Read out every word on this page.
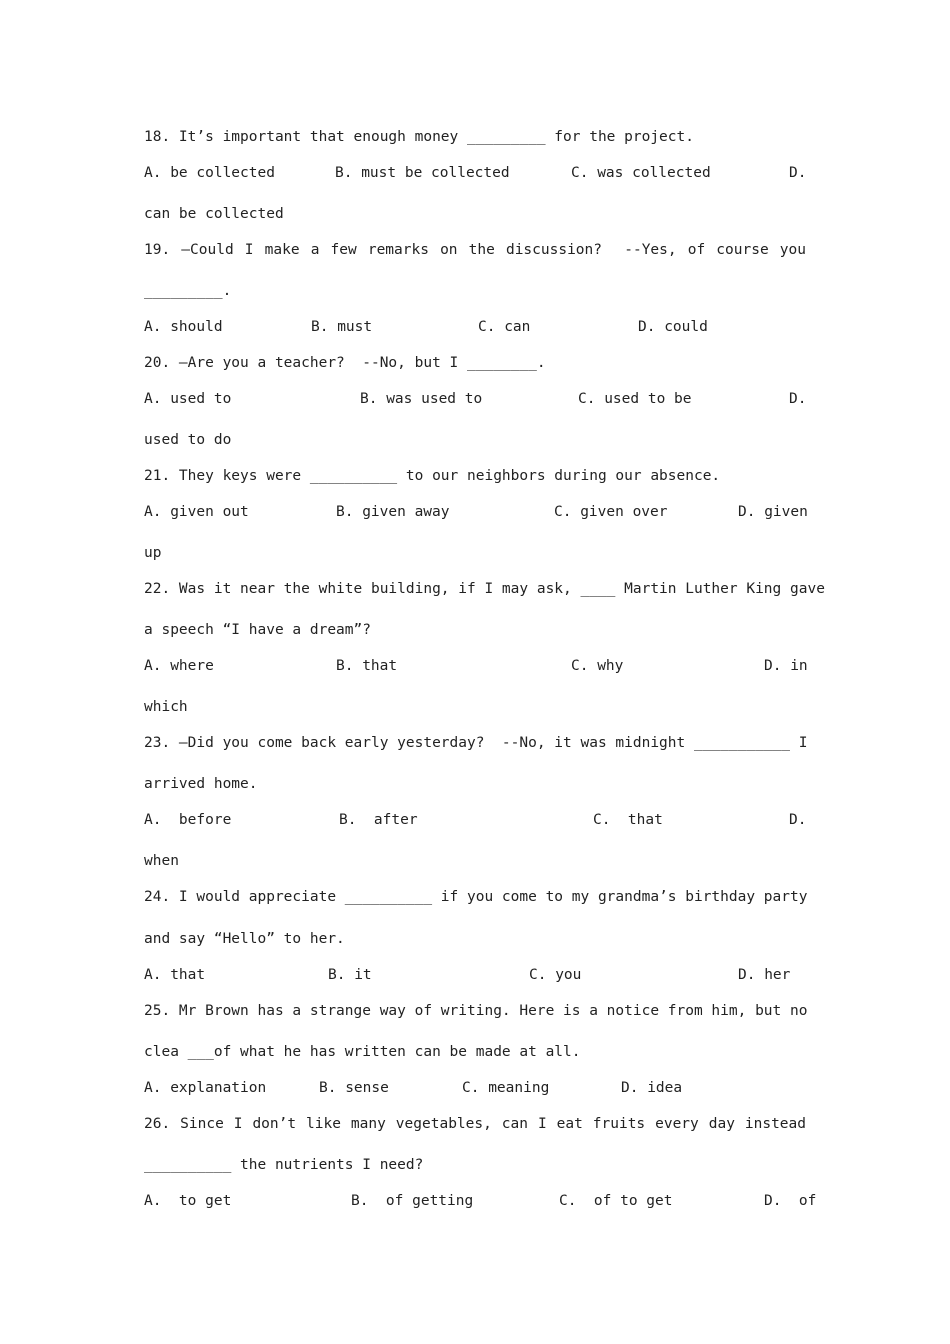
18. It’s important that enough money _________ for the project.
A. be collected	B. must be collected	C. was collected	D.
can be collected
19. –Could I make a few remarks on the discussion?  --Yes, of course you
_________.
A. should	B. must	C. can	D. could
20. –Are you a teacher?  --No, but I ________.
A. used to	B. was used to	C. used to be	D.
used to do
21. They keys were __________ to our neighbors during our absence.
A. given out	B. given away	C. given over	D. given
up
22. Was it near the white building, if I may ask, ____ Martin Luther King gave
a speech “I have a dream”?
A. where	B. that	C. why	D. in
which
23. –Did you come back early yesterday?  --No, it was midnight ___________ I
arrived home.
A.  before	B.  after	C.  that	D.
when
24. I would appreciate __________ if you come to my grandma’s birthday party
and say “Hello” to her.
A. that	B. it	C. you	D. her
25. Mr Brown has a strange way of writing. Here is a notice from him, but no
clea ___of what he has written can be made at all.
A. explanation	B. sense	C. meaning	D. idea
26. Since I don’t like many vegetables, can I eat fruits every day instead
__________ the nutrients I need?
A.  to get	B.  of getting	C.  of to get	D.  of
